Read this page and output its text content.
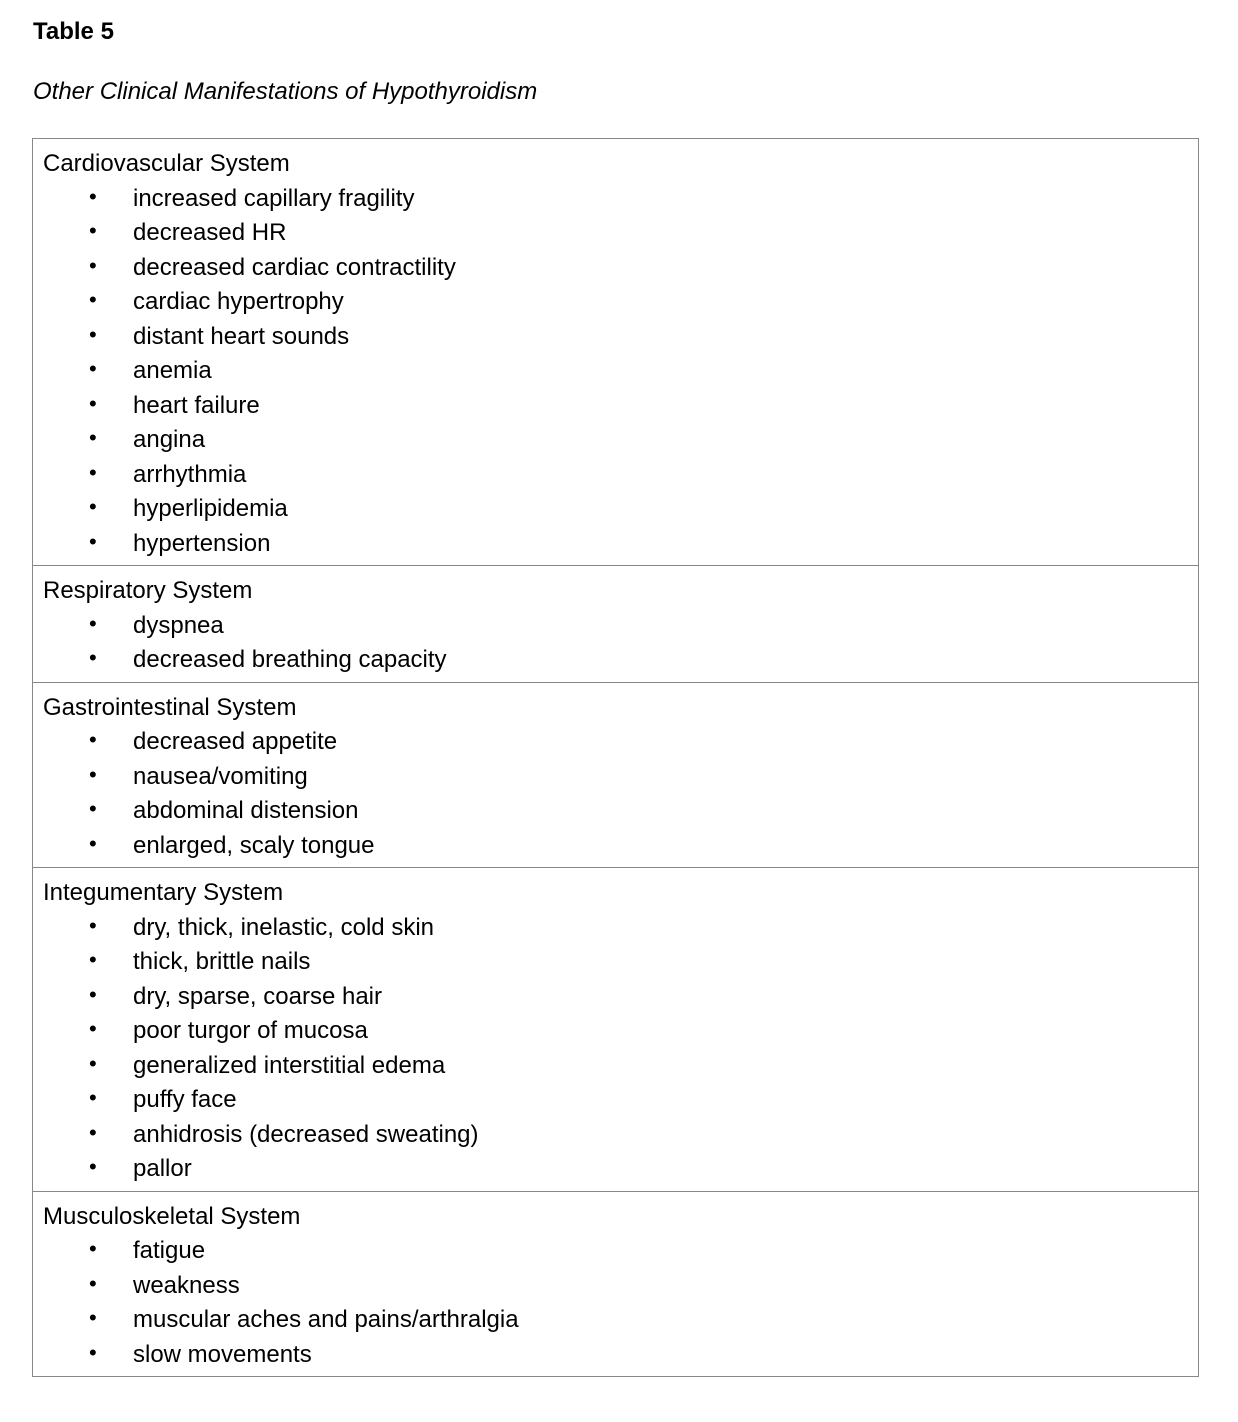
Table 5
Other Clinical Manifestations of Hypothyroidism
Cardiovascular System
•	increased capillary fragility
•	decreased HR
•	decreased cardiac contractility
•	cardiac hypertrophy
•	distant heart sounds
•	anemia
•	heart failure
•	angina
•	arrhythmia
•	hyperlipidemia
•	hypertension
Respiratory System
•	dyspnea
•	decreased breathing capacity
Gastrointestinal System
•	decreased appetite
•	nausea/vomiting
•	abdominal distension
•	enlarged, scaly tongue
Integumentary System
•	dry, thick, inelastic, cold skin
•	thick, brittle nails
•	dry, sparse, coarse hair
•	poor turgor of mucosa
•	generalized interstitial edema
•	puffy face
•	anhidrosis (decreased sweating)
•	pallor
Musculoskeletal System
•	fatigue
•	weakness
•	muscular aches and pains/arthralgia
•	slow movements
